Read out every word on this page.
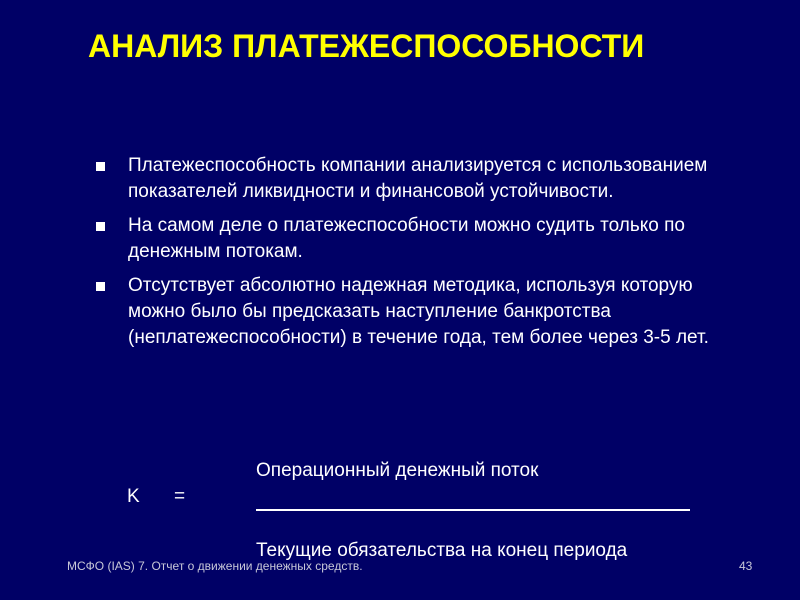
АНАЛИЗ ПЛАТЕЖЕСПОСОБНОСТИ
Платежеспособность компании анализируется с использованием показателей ликвидности и финансовой устойчивости.
На самом деле о платежеспособности можно судить только по денежным потокам.
Отсутствует абсолютно надежная методика, используя которую можно было бы предсказать наступление банкротства (неплатежеспособности) в течение года, тем более через 3-5 лет.
K =
Операционный денежный поток
Текущие обязательства на конец периода
МСФО (IAS) 7. Отчет о движении денежных средств.	43
